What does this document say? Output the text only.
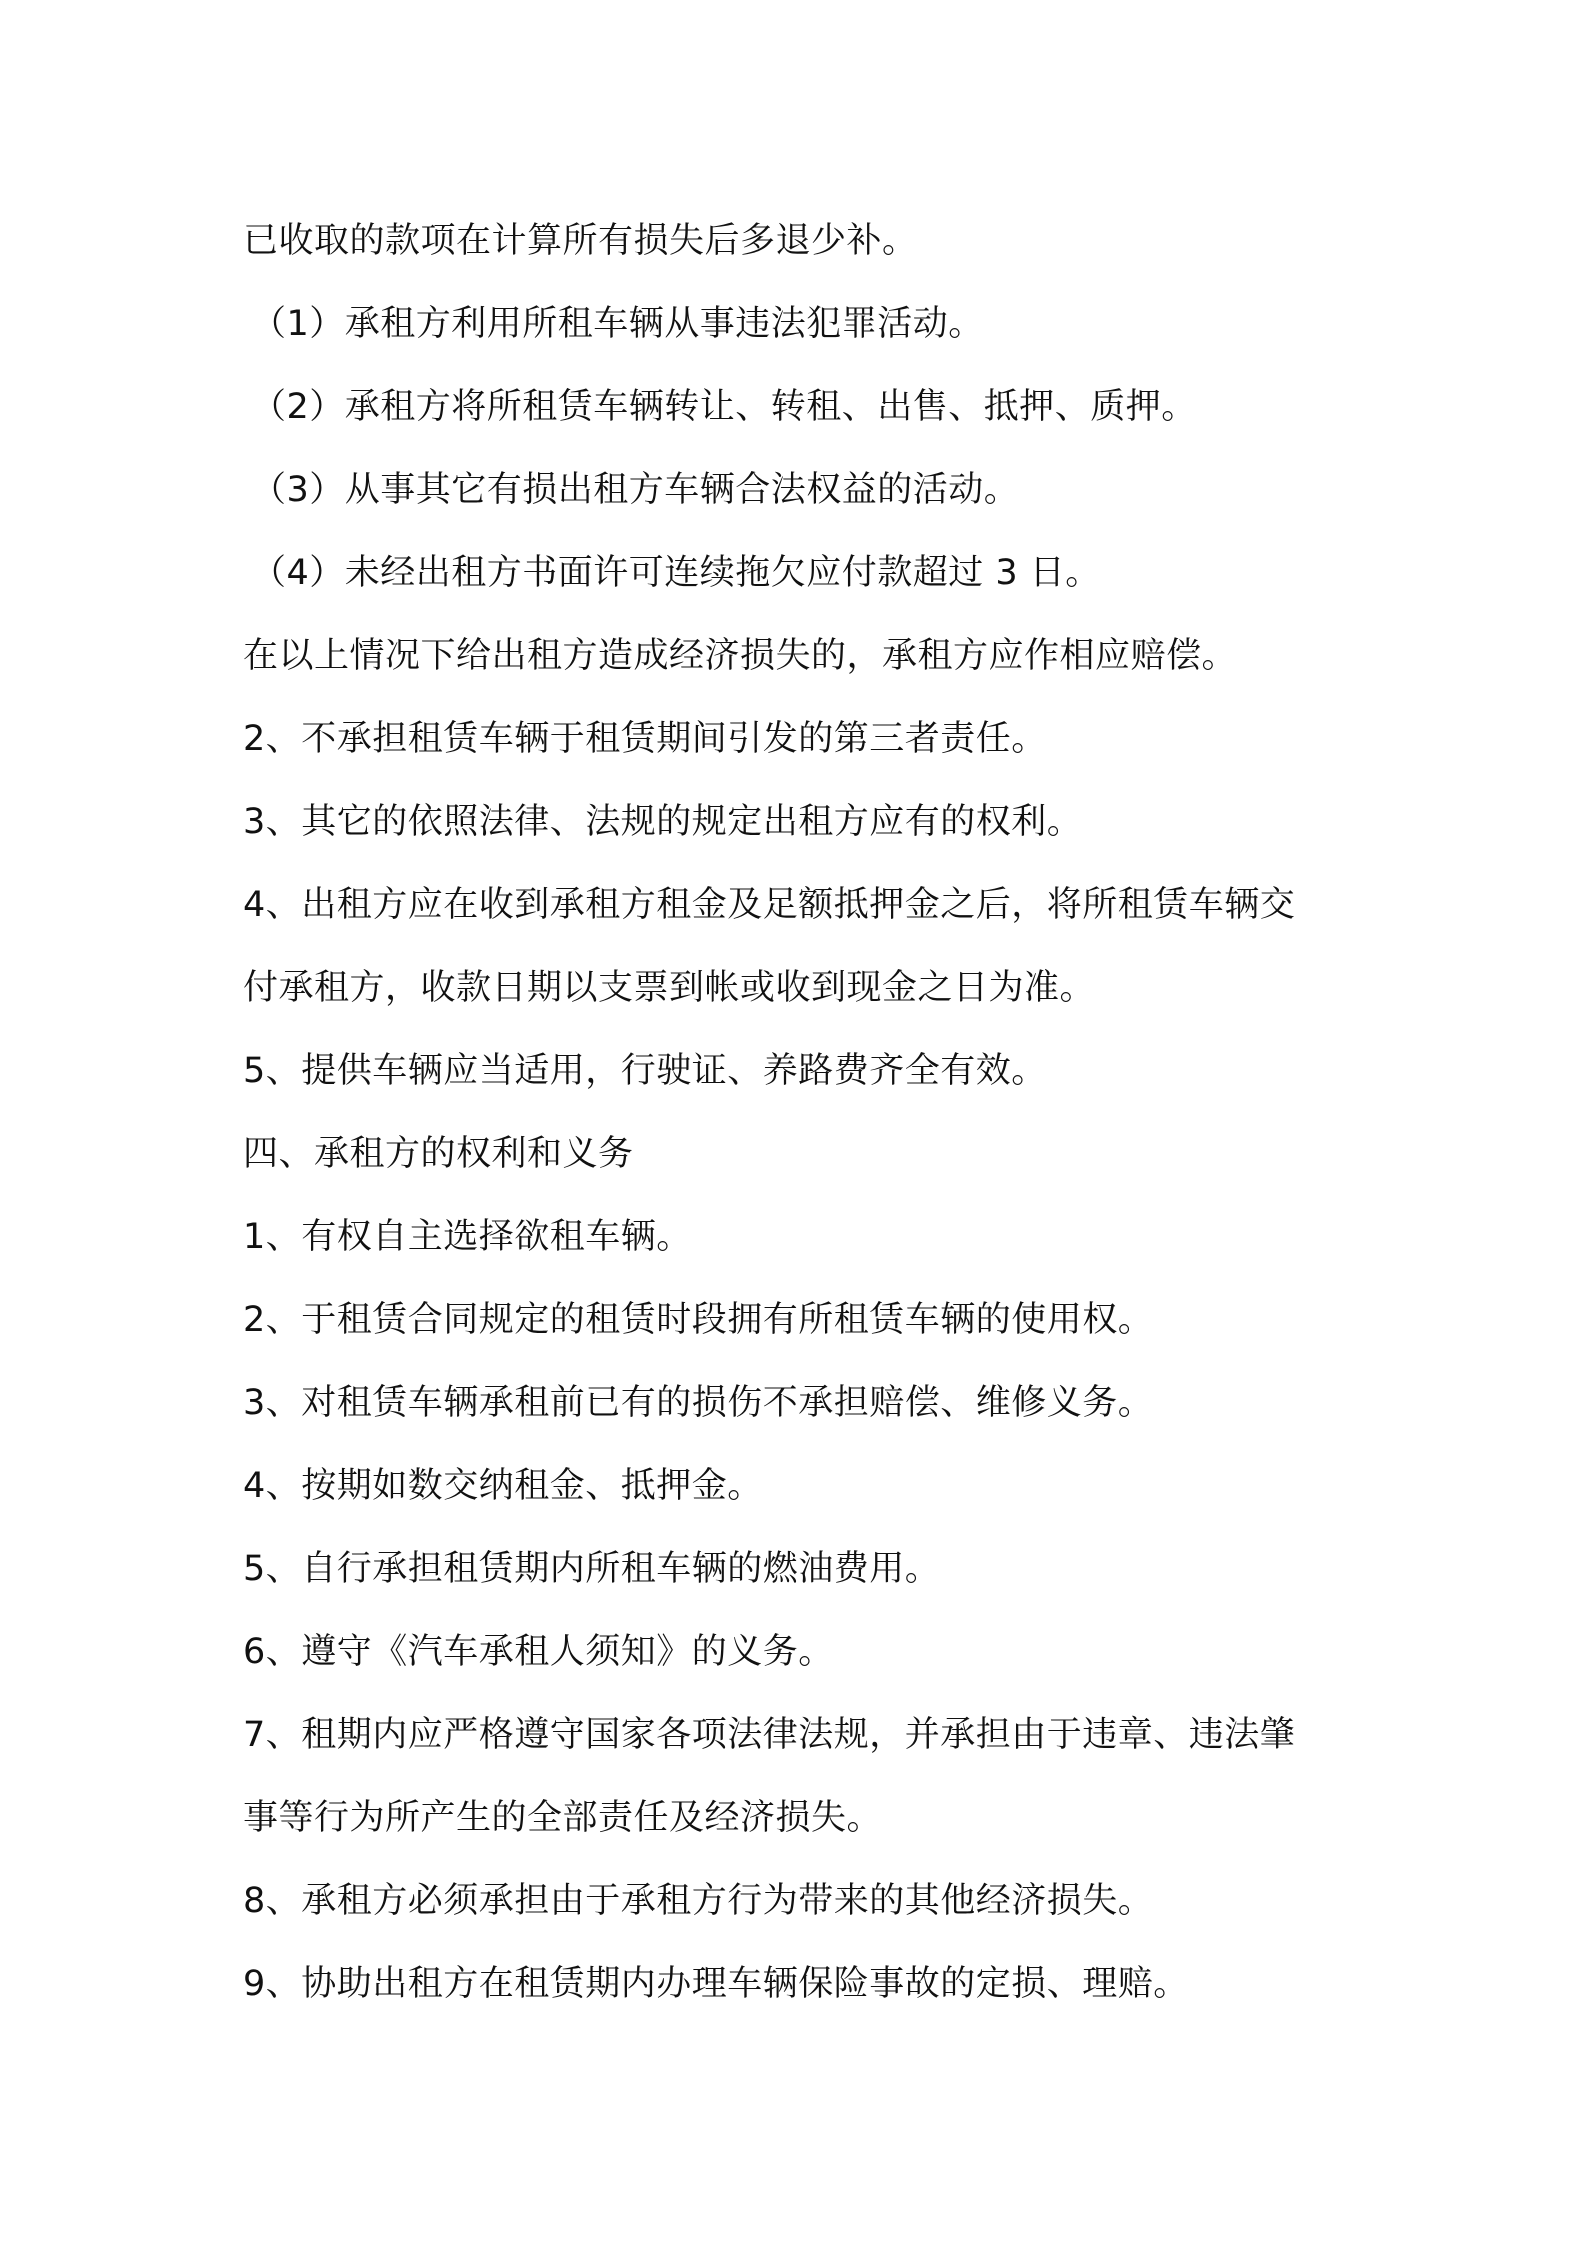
已收取的款项在计算所有损失后多退少补。
（1）承租方利用所租车辆从事违法犯罪活动。
（2）承租方将所租赁车辆转让、转租、出售、抵押、质押。
（3）从事其它有损出租方车辆合法权益的活动。
（4）未经出租方书面许可连续拖欠应付款超过 3 日。
在以上情况下给出租方造成经济损失的，承租方应作相应赔偿。
2、不承担租赁车辆于租赁期间引发的第三者责任。
3、其它的依照法律、法规的规定出租方应有的权利。
4、出租方应在收到承租方租金及足额抵押金之后，将所租赁车辆交
付承租方，收款日期以支票到帐或收到现金之日为准。
5、提供车辆应当适用，行驶证、养路费齐全有效。
四、承租方的权利和义务
1、有权自主选择欲租车辆。
2、于租赁合同规定的租赁时段拥有所租赁车辆的使用权。
3、对租赁车辆承租前已有的损伤不承担赔偿、维修义务。
4、按期如数交纳租金、抵押金。
5、自行承担租赁期内所租车辆的燃油费用。
6、遵守《汽车承租人须知》的义务。
7、租期内应严格遵守国家各项法律法规，并承担由于违章、违法肇
事等行为所产生的全部责任及经济损失。
8、承租方必须承担由于承租方行为带来的其他经济损失。
9、协助出租方在租赁期内办理车辆保险事故的定损、理赔。
